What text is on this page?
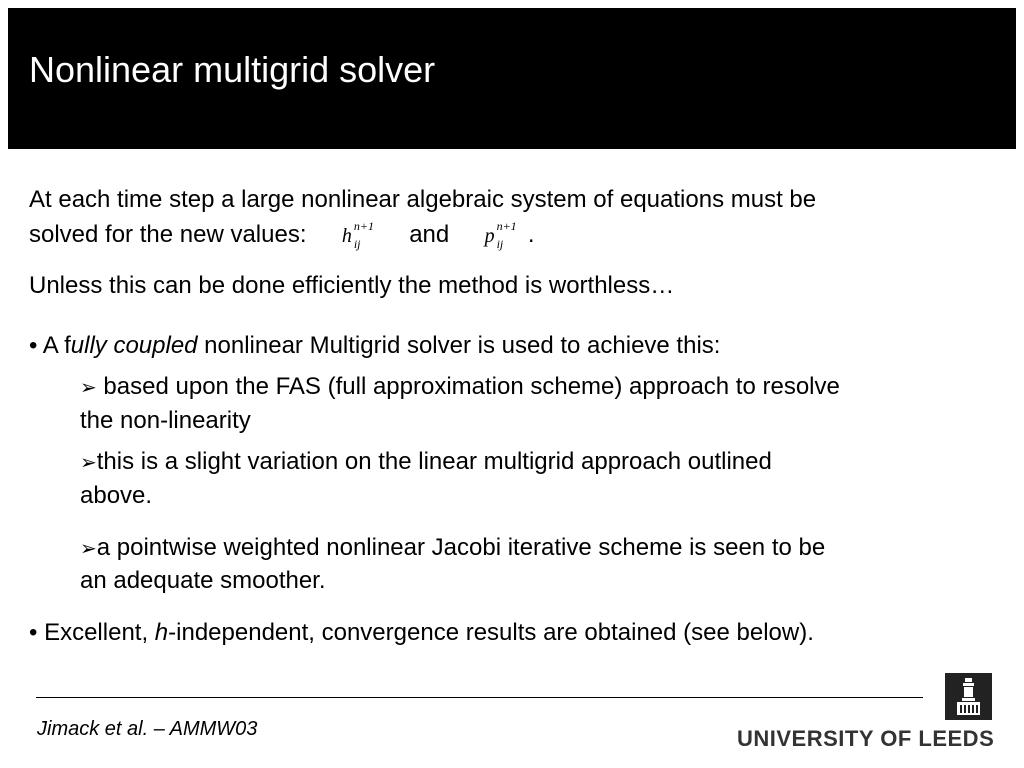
Nonlinear multigrid solver
At each time step a large nonlinear algebraic system of equations must be
solved for the new values: h n+1
ij and p n+1
ij .
Unless this can be done efficiently the method is worthless…
• A fully coupled nonlinear Multigrid solver is used to achieve this:
➢ based upon the FAS (full approximation scheme) approach to resolve
the non-linearity
➢this is a slight variation on the linear multigrid approach outlined
above.
➢a pointwise weighted nonlinear Jacobi iterative scheme is seen to be
an adequate smoother.
• Excellent, h-independent, convergence results are obtained (see below).
Jimack et al. – AMMW03	UNIVERSITY OF LEEDS
